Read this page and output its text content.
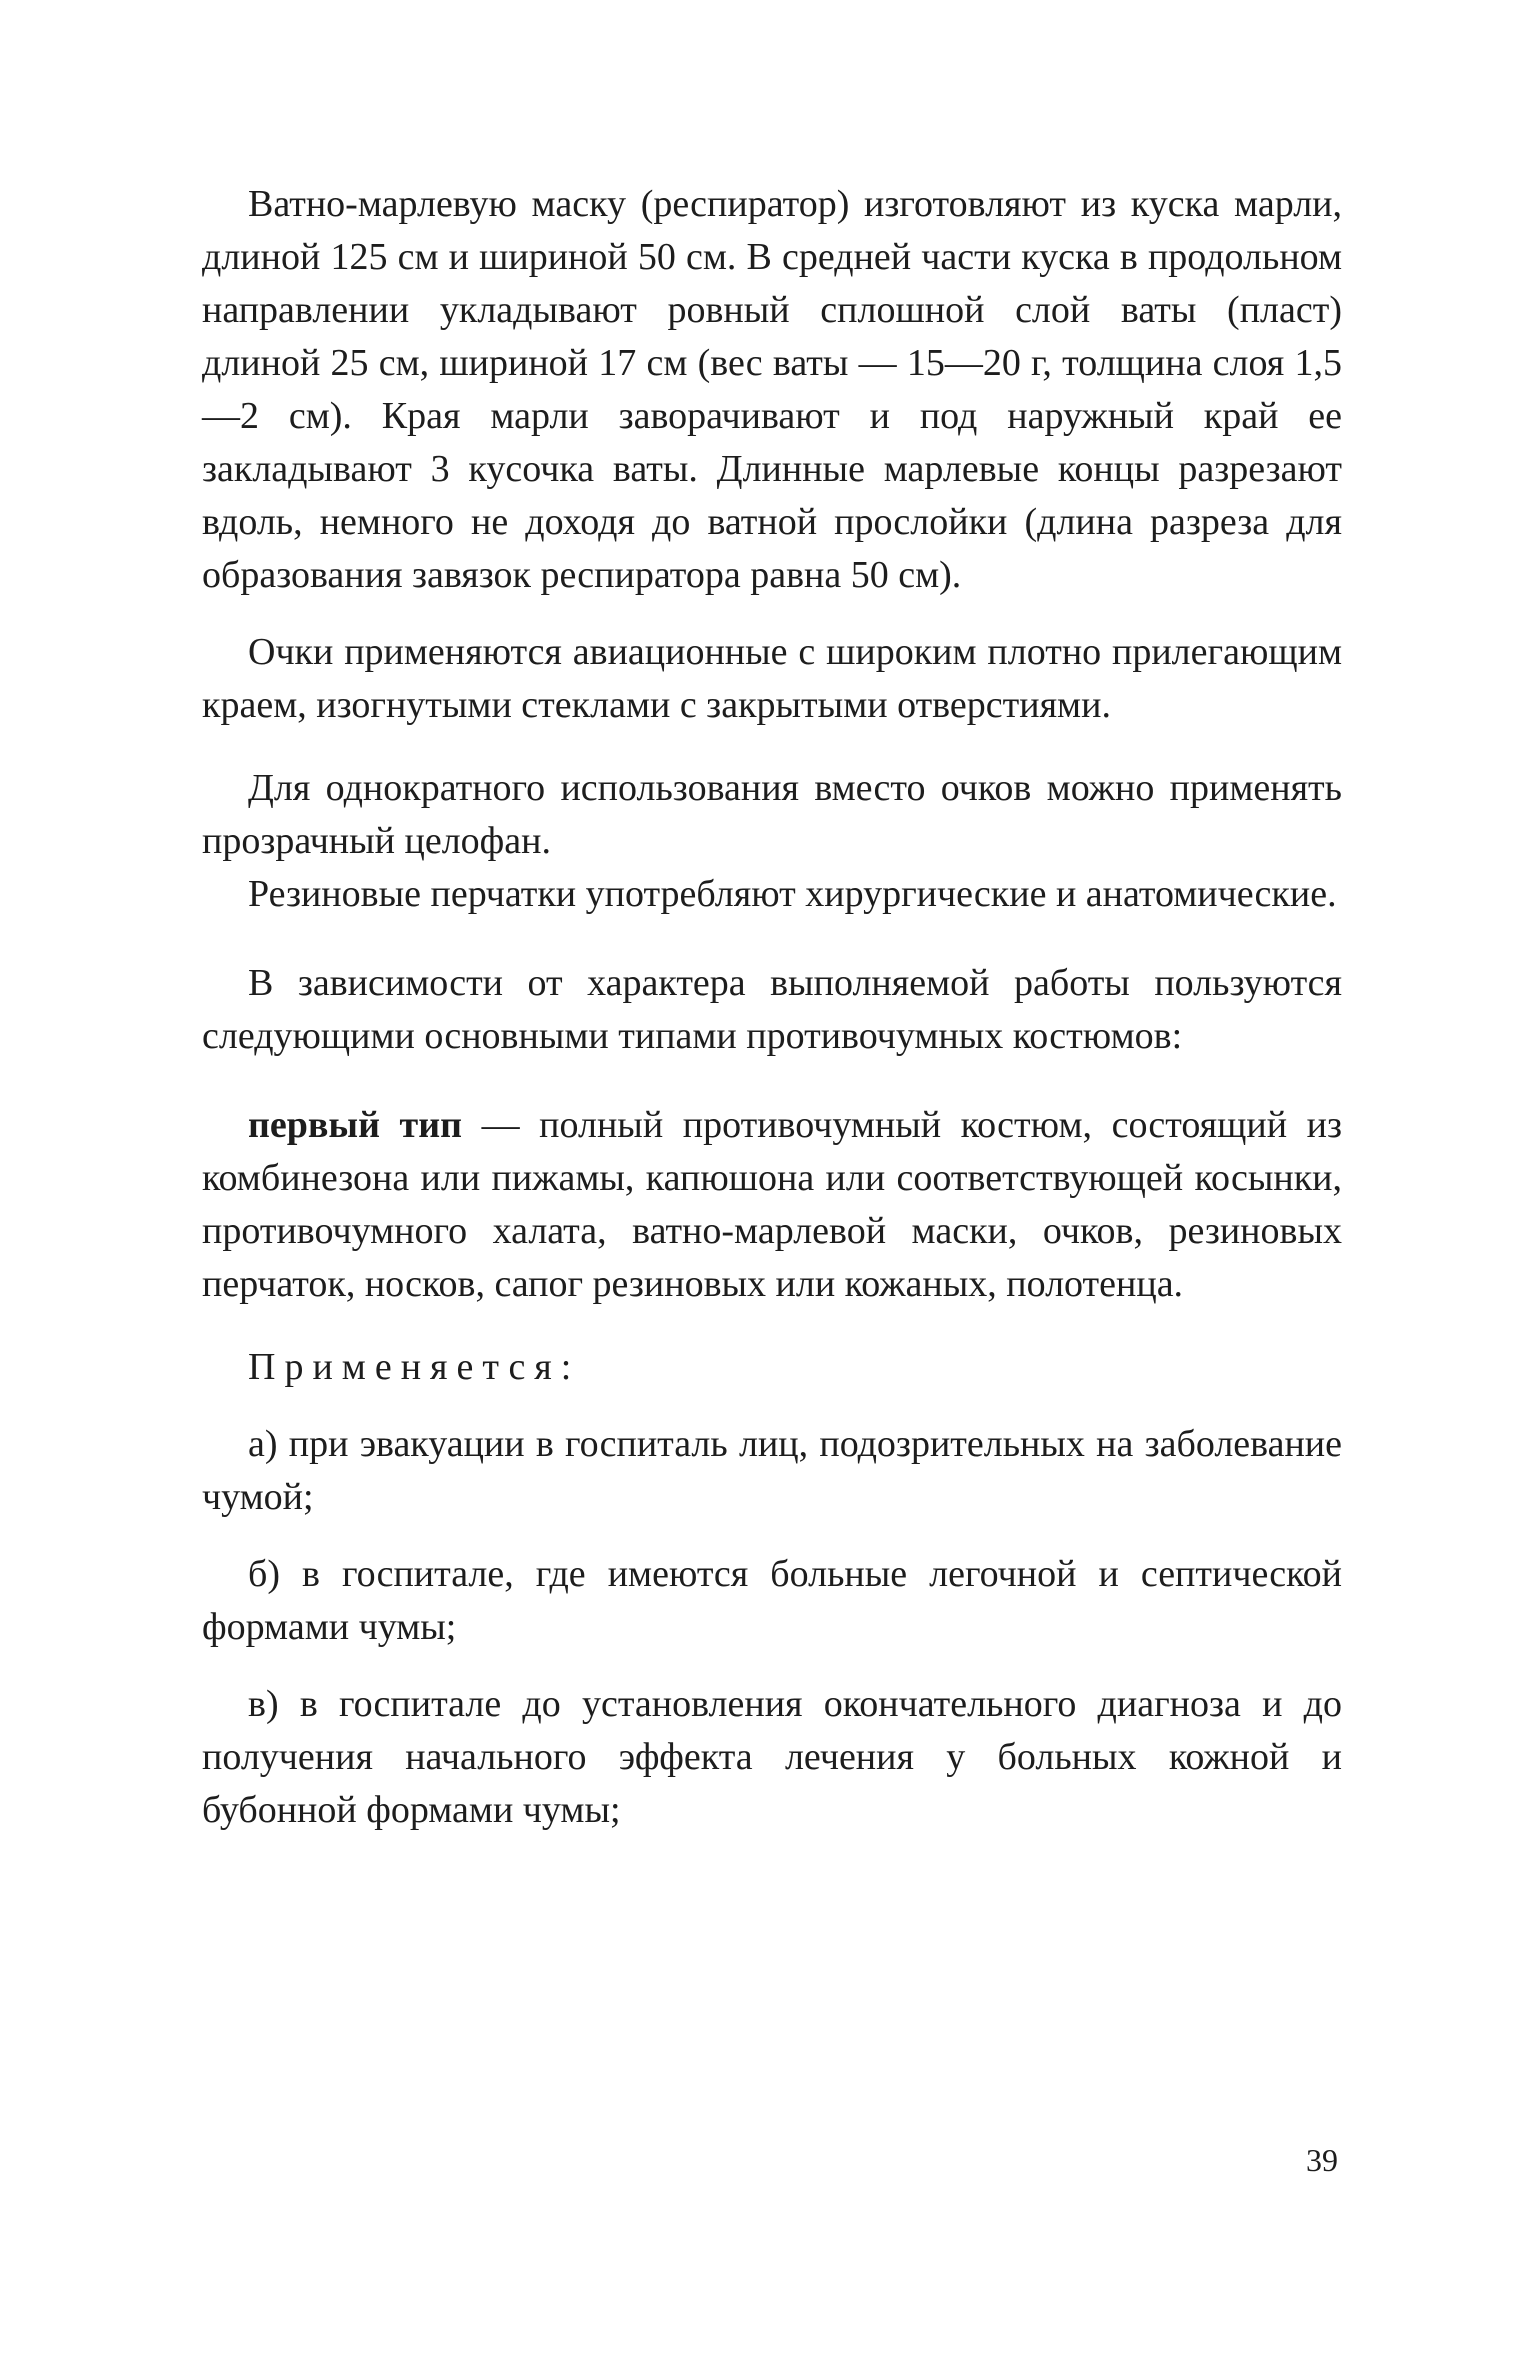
Ватно-марлевую маску (респиратор) изготовляют из куска марли, длиной 125 см и шириной 50 см. В средней части куска в продольном направлении укладывают ровный сплошной слой ваты (пласт) длиной 25 см, шириной 17 см (вес ваты — 15—20 г, толщина слоя 1,5—2 см). Края марли заворачивают и под наружный край ее закладывают 3 кусочка ваты. Длинные марлевые концы разрезают вдоль, немного не доходя до ватной прослойки (длина разреза для образования завязок респиратора равна 50 см).

Очки применяются авиационные с широким плотно прилегающим краем, изогнутыми стеклами с закрытыми отверстиями.

Для однократного использования вместо очков можно применять прозрачный целофан.

Резиновые перчатки употребляют хирургические и анатомические.

В зависимости от характера выполняемой работы пользуются следующими основными типами противочумных костюмов:

первый тип — полный противочумный костюм, состоящий из комбинезона или пижамы, капюшона или соответствующей косынки, противочумного халата, ватно-марлевой маски, очков, резиновых перчаток, носков, сапог резиновых или кожаных, полотенца.

Применяется:

а) при эвакуации в госпиталь лиц, подозрительных на заболевание чумой;

б) в госпитале, где имеются больные легочной и септической формами чумы;

в) в госпитале до установления окончательного диагноза и до получения начального эффекта лечения у больных кожной и бубонной формами чумы;

39
